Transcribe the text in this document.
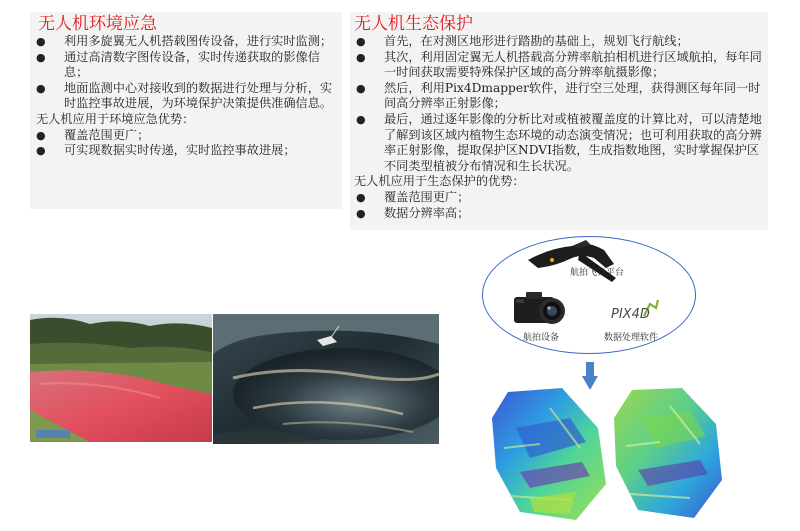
无人机环境应急
● 利用多旋翼无人机搭载图传设备，进行实时监测；
● 通过高清数字图传设备，实时传递获取的影像信息；
● 地面监测中心对接收到的数据进行处理与分析，实时监控事故进展，为环境保护决策提供准确信息。
无人机应用于环境应急优势：
● 覆盖范围更广；
● 可实现数据实时传递，实时监控事故进展；
无人机生态保护
● 首先，在对测区地形进行踏勘的基础上，规划飞行航线；
● 其次，利用固定翼无人机搭载高分辨率航拍相机进行区域航拍，每年同一时间获取需要特殊保护区域的高分辨率航摄影像；
● 然后，利用Pix4Dmapper软件，进行空三处理，获得测区每年同一时间高分辨率正射影像；
● 最后，通过逐年影像的分析比对或植被覆盖度的计算比对，可以清楚地了解到该区域内植物生态环境的动态演变情况；也可利用获取的高分辨率正射影像，提取保护区NDVI指数，生成指数地图，实时掌握保护区不同类型植被分布情况和生长状况。
无人机应用于生态保护的优势：
● 覆盖范围更广；
● 数据分辨率高；
航拍飞行平台
航拍设备
PIX4D
数据处理软件
